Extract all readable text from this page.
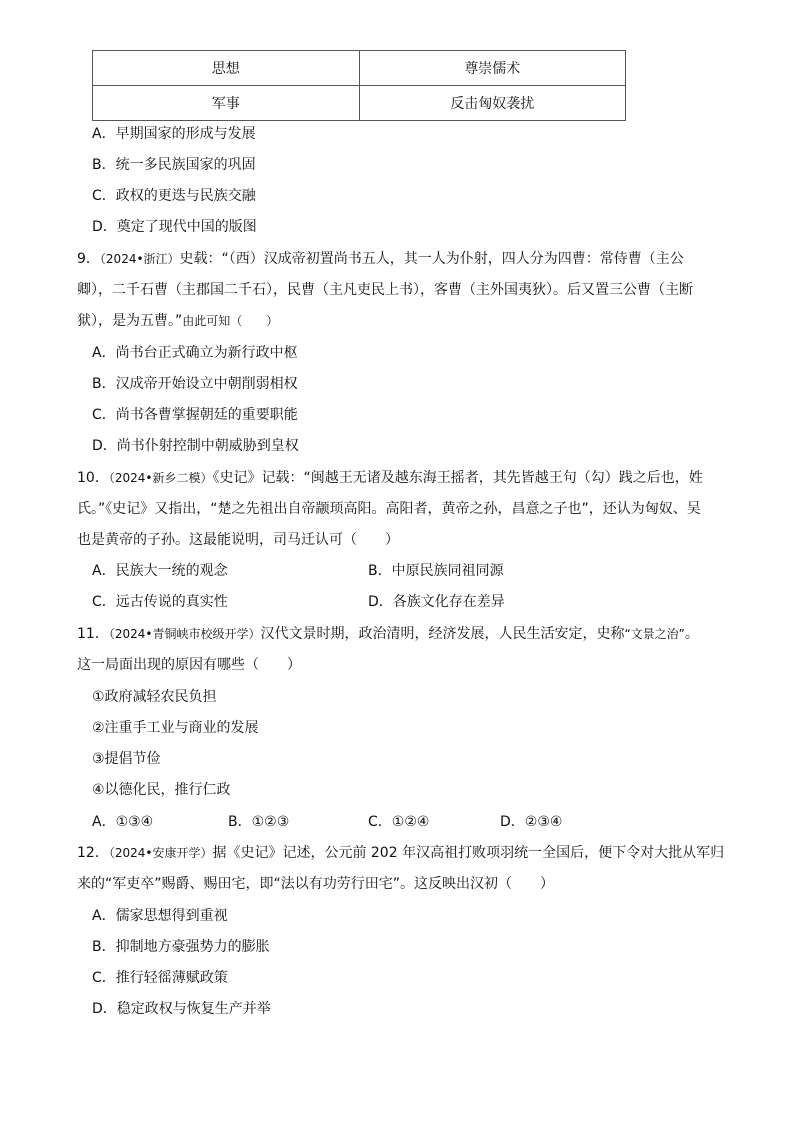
思想	尊崇儒术
军事	反击匈奴袭扰
A．早期国家的形成与发展
B．统一多民族国家的巩固
C．政权的更迭与民族交融
D．奠定了现代中国的版图
9．（2024•浙江）史载：“（西）汉成帝初置尚书五人，其一人为仆射，四人分为四曹：常侍曹（主公
卿），二千石曹（主郡国二千石），民曹（主凡吏民上书），客曹（主外国夷狄）。后又置三公曹（主断
狱），是为五曹。”由此可知（　　）
A．尚书台正式确立为新行政中枢
B．汉成帝开始设立中朝削弱相权
C．尚书各曹掌握朝廷的重要职能
D．尚书仆射控制中朝威胁到皇权
10．（2024•新乡二模）《史记》记载：“闽越王无诸及越东海王摇者，其先皆越王句（勾）践之后也，姓
氏。”《史记》又指出，“楚之先祖出自帝颛顼高阳。高阳者，黄帝之孙，昌意之子也”，还认为匈奴、吴
也是黄帝的子孙。这最能说明，司马迁认可（　　）
A．民族大一统的观念	B．中原民族同祖同源
C．远古传说的真实性	D．各族文化存在差异
11．（2024•青铜峡市校级开学）汉代文景时期，政治清明，经济发展，人民生活安定，史称“文景之治”。
这一局面出现的原因有哪些（　　）
①政府减轻农民负担
②注重手工业与商业的发展
③提倡节俭
④以德化民，推行仁政
A．①③④	B．①②③	C．①②④	D．②③④
12．（2024•安康开学）据《史记》记述，公元前 202 年汉高祖打败项羽统一全国后，便下令对大批从军归
来的“军吏卒”赐爵、赐田宅，即“法以有功劳行田宅”。这反映出汉初（　　）
A．儒家思想得到重视
B．抑制地方豪强势力的膨胀
C．推行轻徭薄赋政策
D．稳定政权与恢复生产并举
